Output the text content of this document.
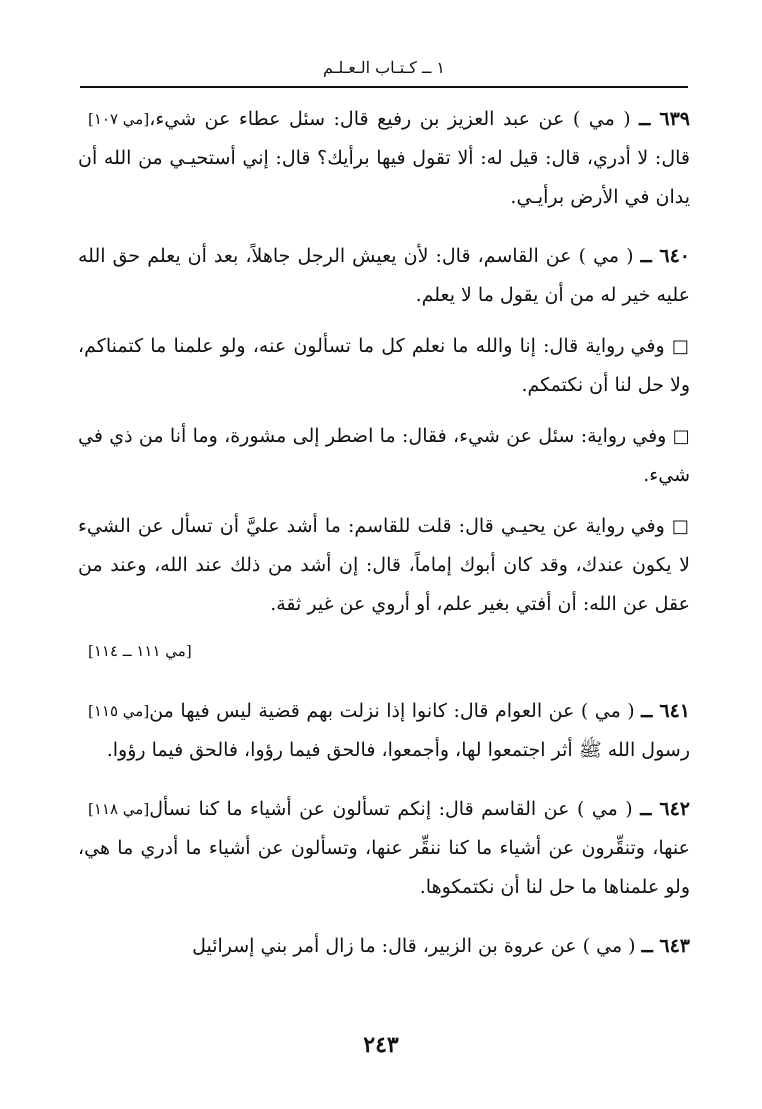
١ ــ كـتـاب الـعـلـم

٦٣٩ ــ ( مي )
[مي ١٠٧] عن عبد العزيز بن رفيع قال: سئل عطاء عن شيء، قال: لا أدري، قال: قيل له: ألا تقول فيها برأيك؟ قال: إني أستحيـي من الله أن يدان في الأرض برأيـي.

٦٤٠ ــ ( مي ) عن القاسم، قال: لأن يعيش الرجل جاهلاً، بعد أن يعلم حق الله عليه خير له من أن يقول ما لا يعلم.

□ وفي رواية قال: إنا والله ما نعلم كل ما تسألون عنه، ولو علمنا ما كتمناكم، ولا حل لنا أن نكتمكم.

□ وفي رواية: سئل عن شيء، فقال: ما اضطر إلى مشورة، وما أنا من ذي في شيء.

□ وفي رواية عن يحيـي قال: قلت للقاسم: ما أشد عليَّ أن تسأل عن الشيء لا يكون عندك، وقد كان أبوك إماماً، قال: إن أشد من ذلك عند الله، وعند من عقل عن الله: أن أفتي بغير علم، أو أروي عن غير ثقة.

[مي ١١١ ــ ١١٤]

٦٤١ ــ ( مي )
[مي ١١٥] عن العوام قال: كانوا إذا نزلت بهم قضية ليس فيها من رسول الله ﷺ أثر اجتمعوا لها، وأجمعوا، فالحق فيما رؤوا، فالحق فيما رؤوا.

٦٤٢ ــ ( مي )
[مي ١١٨] عن القاسم قال: إنكم تسألون عن أشياء ما كنا نسأل عنها، وتنقِّرون عن أشياء ما كنا ننقِّر عنها، وتسألون عن أشياء ما أدري ما هي، ولو علمناها ما حل لنا أن نكتمكوها.

٦٤٣ ــ ( مي ) عن عروة بن الزبير، قال: ما زال أمر بني إسرائيل

٢٤٣
